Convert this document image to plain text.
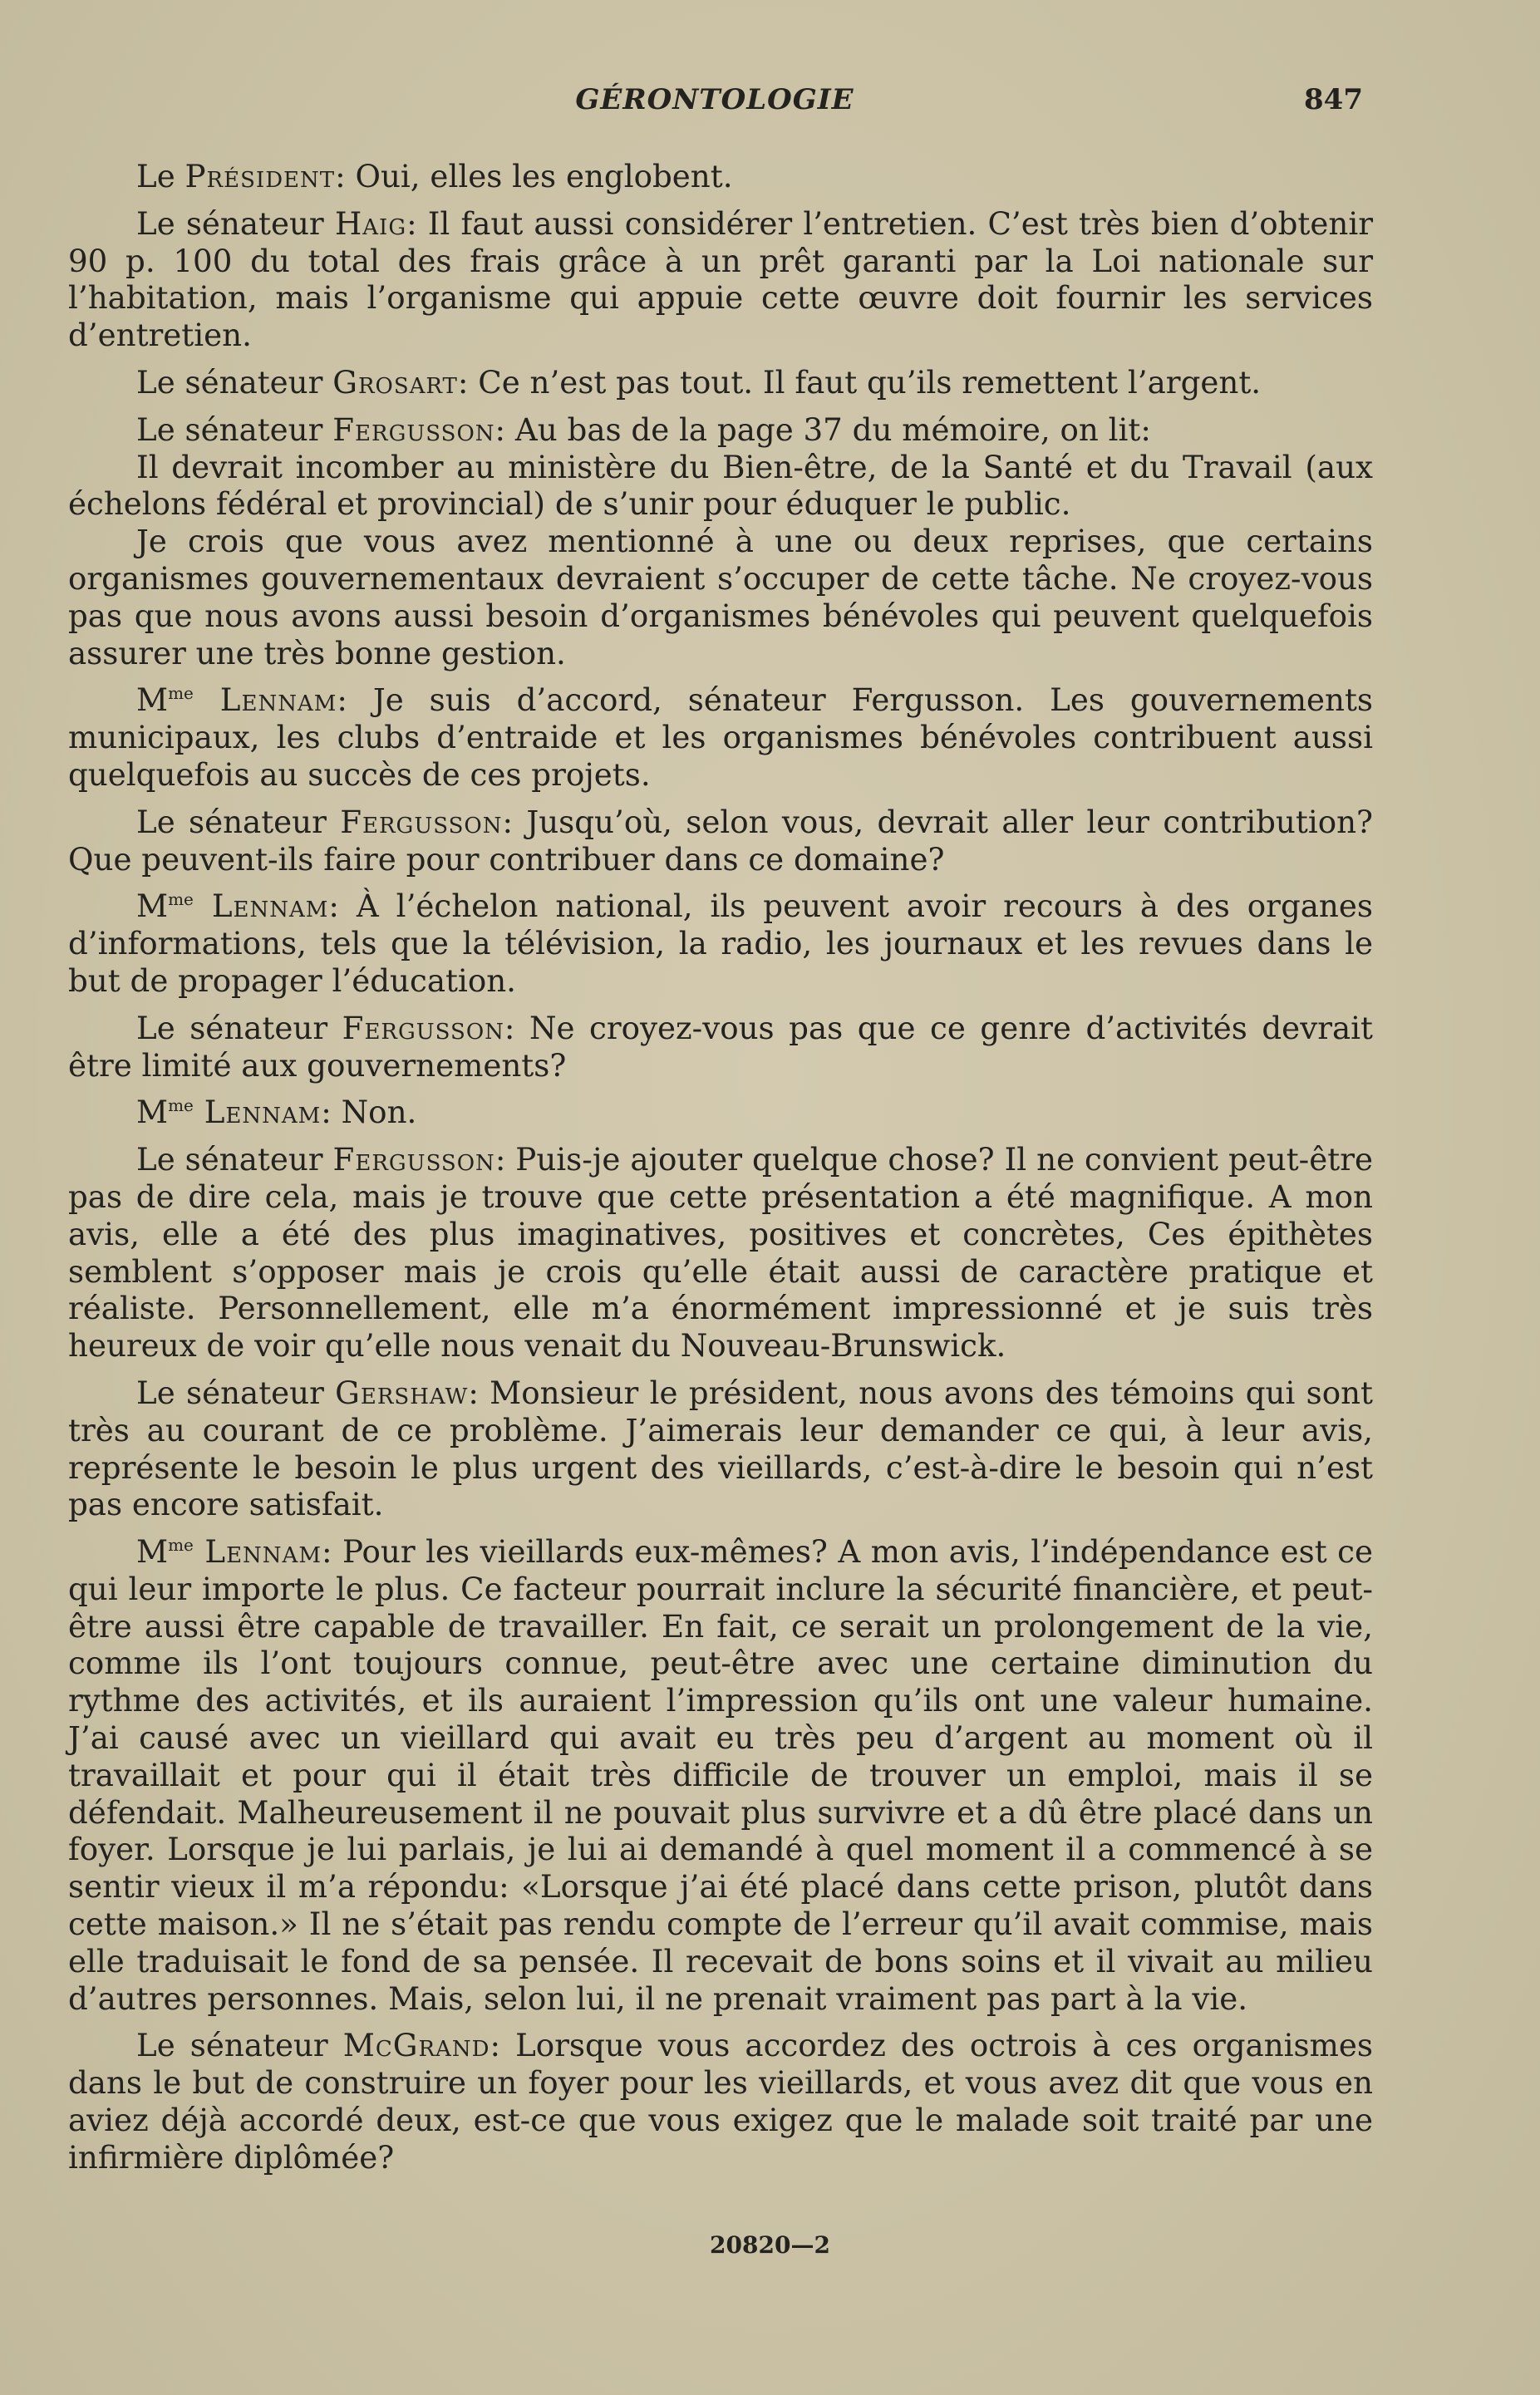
GÉRONTOLOGIE	847

Le Président: Oui, elles les englobent.

Le sénateur Haig: Il faut aussi considérer l’entretien. C’est très bien d’obtenir 90 p. 100 du total des frais grâce à un prêt garanti par la Loi nationale sur l’habitation, mais l’organisme qui appuie cette œuvre doit fournir les services d’entretien.

Le sénateur Grosart: Ce n’est pas tout. Il faut qu’ils remettent l’argent.

Le sénateur Fergusson: Au bas de la page 37 du mémoire, on lit:

Il devrait incomber au ministère du Bien-être, de la Santé et du Travail (aux échelons fédéral et provincial) de s’unir pour éduquer le public.

Je crois que vous avez mentionné à une ou deux reprises, que certains organismes gouvernementaux devraient s’occuper de cette tâche. Ne croyez-vous pas que nous avons aussi besoin d’organismes bénévoles qui peuvent quelquefois assurer une très bonne gestion.

$M^{me}$ Lennam: Je suis d’accord, sénateur Fergusson. Les gouvernements municipaux, les clubs d’entraide et les organismes bénévoles contribuent aussi quelquefois au succès de ces projets.

Le sénateur Fergusson: Jusqu’où, selon vous, devrait aller leur contribution? Que peuvent-ils faire pour contribuer dans ce domaine?

$M^{me}$ Lennam: À l’échelon national, ils peuvent avoir recours à des organes d’informations, tels que la télévision, la radio, les journaux et les revues dans le but de propager l’éducation.

Le sénateur Fergusson: Ne croyez-vous pas que ce genre d’activités devrait être limité aux gouvernements?

$M^{me}$ Lennam: Non.

Le sénateur Fergusson: Puis-je ajouter quelque chose? Il ne convient peut-être pas de dire cela, mais je trouve que cette présentation a été magnifique. A mon avis, elle a été des plus imaginatives, positives et concrètes, Ces épithètes semblent s’opposer mais je crois qu’elle était aussi de caractère pratique et réaliste. Personnellement, elle m’a énormément impressionné et je suis très heureux de voir qu’elle nous venait du Nouveau-Brunswick.

Le sénateur Gershaw: Monsieur le président, nous avons des témoins qui sont très au courant de ce problème. J’aimerais leur demander ce qui, à leur avis, représente le besoin le plus urgent des vieillards, c’est-à-dire le besoin qui n’est pas encore satisfait.

$M^{me}$ Lennam: Pour les vieillards eux-mêmes? A mon avis, l’indépendance est ce qui leur importe le plus. Ce facteur pourrait inclure la sécurité financière, et peut-être aussi être capable de travailler. En fait, ce serait un prolongement de la vie, comme ils l’ont toujours connue, peut-être avec une certaine diminution du rythme des activités, et ils auraient l’impression qu’ils ont une valeur humaine. J’ai causé avec un vieillard qui avait eu très peu d’argent au moment où il travaillait et pour qui il était très difficile de trouver un emploi, mais il se défendait. Malheureusement il ne pouvait plus survivre et a dû être placé dans un foyer. Lorsque je lui parlais, je lui ai demandé à quel moment il a commencé à se sentir vieux il m’a répondu: «Lorsque j’ai été placé dans cette prison, plutôt dans cette maison.» Il ne s’était pas rendu compte de l’erreur qu’il avait commise, mais elle traduisait le fond de sa pensée. Il recevait de bons soins et il vivait au milieu d’autres personnes. Mais, selon lui, il ne prenait vraiment pas part à la vie.

Le sénateur McGrand: Lorsque vous accordez des octrois à ces organismes dans le but de construire un foyer pour les vieillards, et vous avez dit que vous en aviez déjà accordé deux, est-ce que vous exigez que le malade soit traité par une infirmière diplômée?

20820—2
